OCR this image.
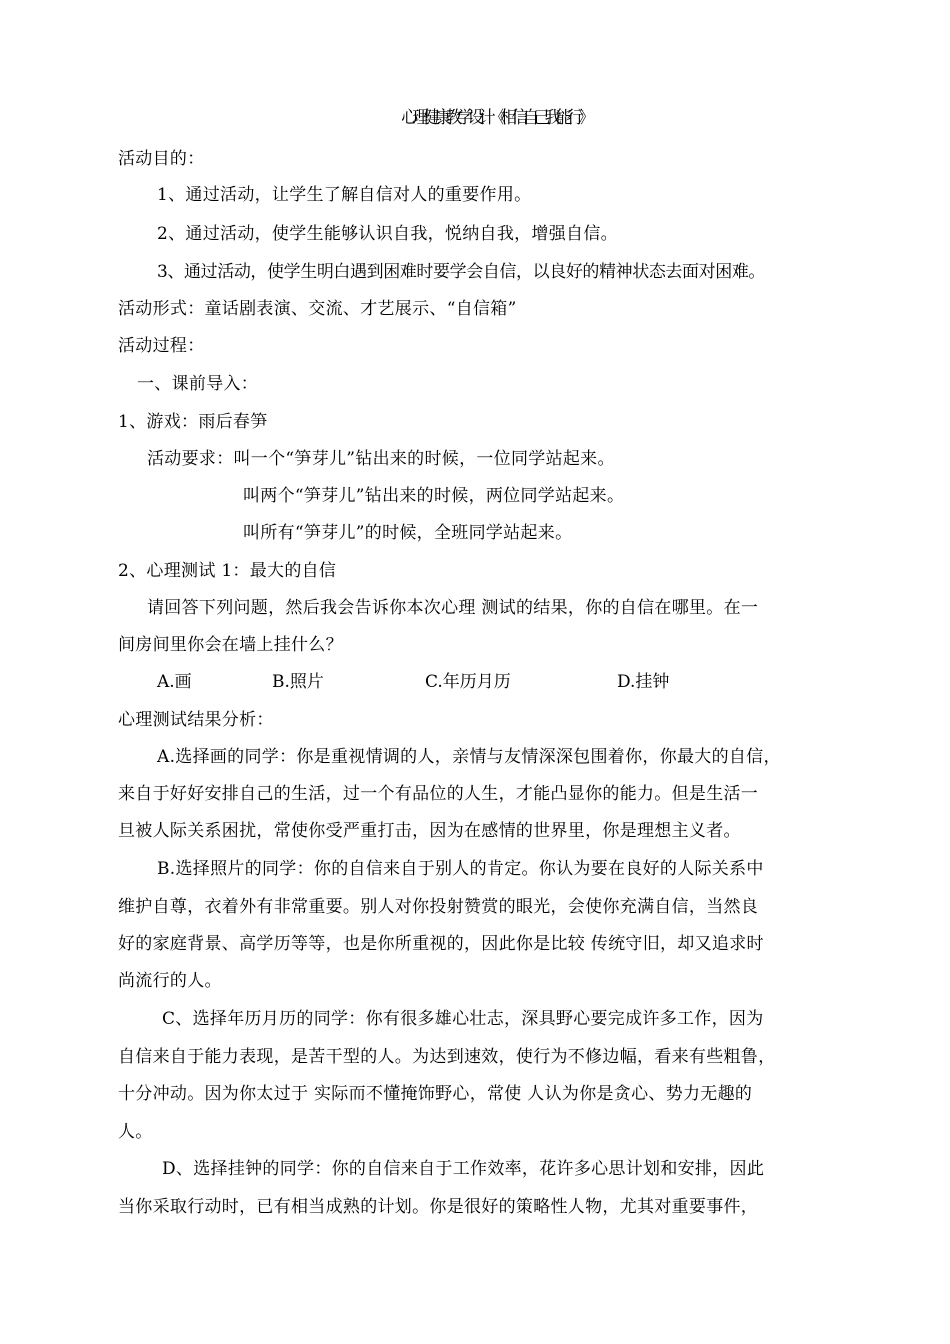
心理健康教学设计 《相信自己我能行》
活动目的：
1、通过活动，让学生了解自信对人的重要作用。
2、通过活动，使学生能够认识自我，悦纳自我，增强自信。
3、通过活动，使学生明白遇到困难时要学会自信，以良好的精神状态去面对困难。
活动形式：童话剧表演、交流、才艺展示、“自信箱”
活动过程：
一、课前导入：
1、游戏：雨后春笋
活动要求：叫一个“笋芽儿”钻出来的时候，一位同学站起来。
叫两个“笋芽儿”钻出来的时候，两位同学站起来。
叫所有“笋芽儿”的时候，全班同学站起来。
2、心理测试 1：最大的自信
请回答下列问题，然后我会告诉你本次心理 测试的结果，你的自信在哪里。在一
间房间里你会在墙上挂什么？
A.画	B.照片	C.年历月历	D.挂钟
心理测试结果分析：
A.选择画的同学：你是重视情调的人，亲情与友情深深包围着你，你最大的自信，
来自于好好安排自己的生活，过一个有品位的人生，才能凸显你的能力。但是生活一
旦被人际关系困扰，常使你受严重打击，因为在感情的世界里，你是理想主义者。
B.选择照片的同学：你的自信来自于别人的肯定。你认为要在良好的人际关系中
维护自尊，衣着外有非常重要。别人对你投射赞赏的眼光，会使你充满自信，当然良
好的家庭背景、高学历等等，也是你所重视的，因此你是比较 传统守旧，却又追求时
尚流行的人。
C、选择年历月历的同学：你有很多雄心壮志，深具野心要完成许多工作，因为
自信来自于能力表现，是苦干型的人。为达到速效，使行为不修边幅，看来有些粗鲁，
十分冲动。因为你太过于 实际而不懂掩饰野心，常使 人认为你是贪心、势力无趣的
人。
D、选择挂钟的同学：你的自信来自于工作效率，花许多心思计划和安排，因此
当你采取行动时，已有相当成熟的计划。你是很好的策略性人物，尤其对重要事件，
